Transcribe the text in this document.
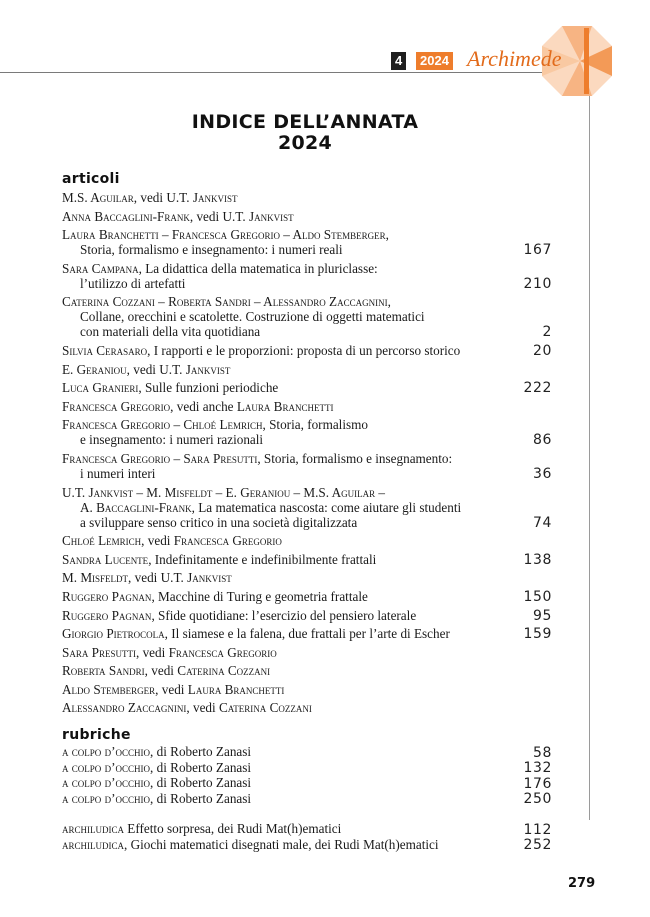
4	2024 Archimede
INDICE DELL’ANNATA
2024
articoli
M.S. Aguilar, vedi U.T. Jankvist
Anna Baccaglini-Frank, vedi U.T. Jankvist
Laura Branchetti – Francesca Gregorio – Aldo Stemberger,
Storia, formalismo e insegnamento: i numeri reali	167
Sara Campana, La didattica della matematica in pluriclasse:
l’utilizzo di artefatti	210
Caterina Cozzani – Roberta Sandri – Alessandro Zaccagnini,
Collane, orecchini e scatolette. Costruzione di oggetti matematici
con materiali della vita quotidiana	2
Silvia Cerasaro, I rapporti e le proporzioni: proposta di un percorso storico	20
E. Geraniou, vedi U.T. Jankvist
Luca Granieri, Sulle funzioni periodiche	222
Francesca Gregorio, vedi anche Laura Branchetti
Francesca Gregorio – Chloé Lemrich, Storia, formalismo
e insegnamento: i numeri razionali	86
Francesca Gregorio – Sara Presutti, Storia, formalismo e insegnamento:
i numeri interi	36
U.T. Jankvist – M. Misfeldt – E. Geraniou – M.S. Aguilar –
A. Baccaglini-Frank, La matematica nascosta: come aiutare gli studenti
a sviluppare senso critico in una società digitalizzata	74
Chloé Lemrich, vedi Francesca Gregorio
Sandra Lucente, Indefinitamente e indefinibilmente frattali	138
M. Misfeldt, vedi U.T. Jankvist
Ruggero Pagnan, Macchine di Turing e geometria frattale	150
Ruggero Pagnan, Sfide quotidiane: l’esercizio del pensiero laterale	95
Giorgio Pietrocola, Il siamese e la falena, due frattali per l’arte di Escher	159
Sara Presutti, vedi Francesca Gregorio
Roberta Sandri, vedi Caterina Cozzani
Aldo Stemberger, vedi Laura Branchetti
Alessandro Zaccagnini, vedi Caterina Cozzani
rubriche
a colpo d’occhio, di Roberto Zanasi	58
a colpo d’occhio, di Roberto Zanasi	132
a colpo d’occhio, di Roberto Zanasi	176
a colpo d’occhio, di Roberto Zanasi	250
archiludica Effetto sorpresa, dei Rudi Mat(h)ematici	112
archiludica, Giochi matematici disegnati male, dei Rudi Mat(h)ematici	252
279
